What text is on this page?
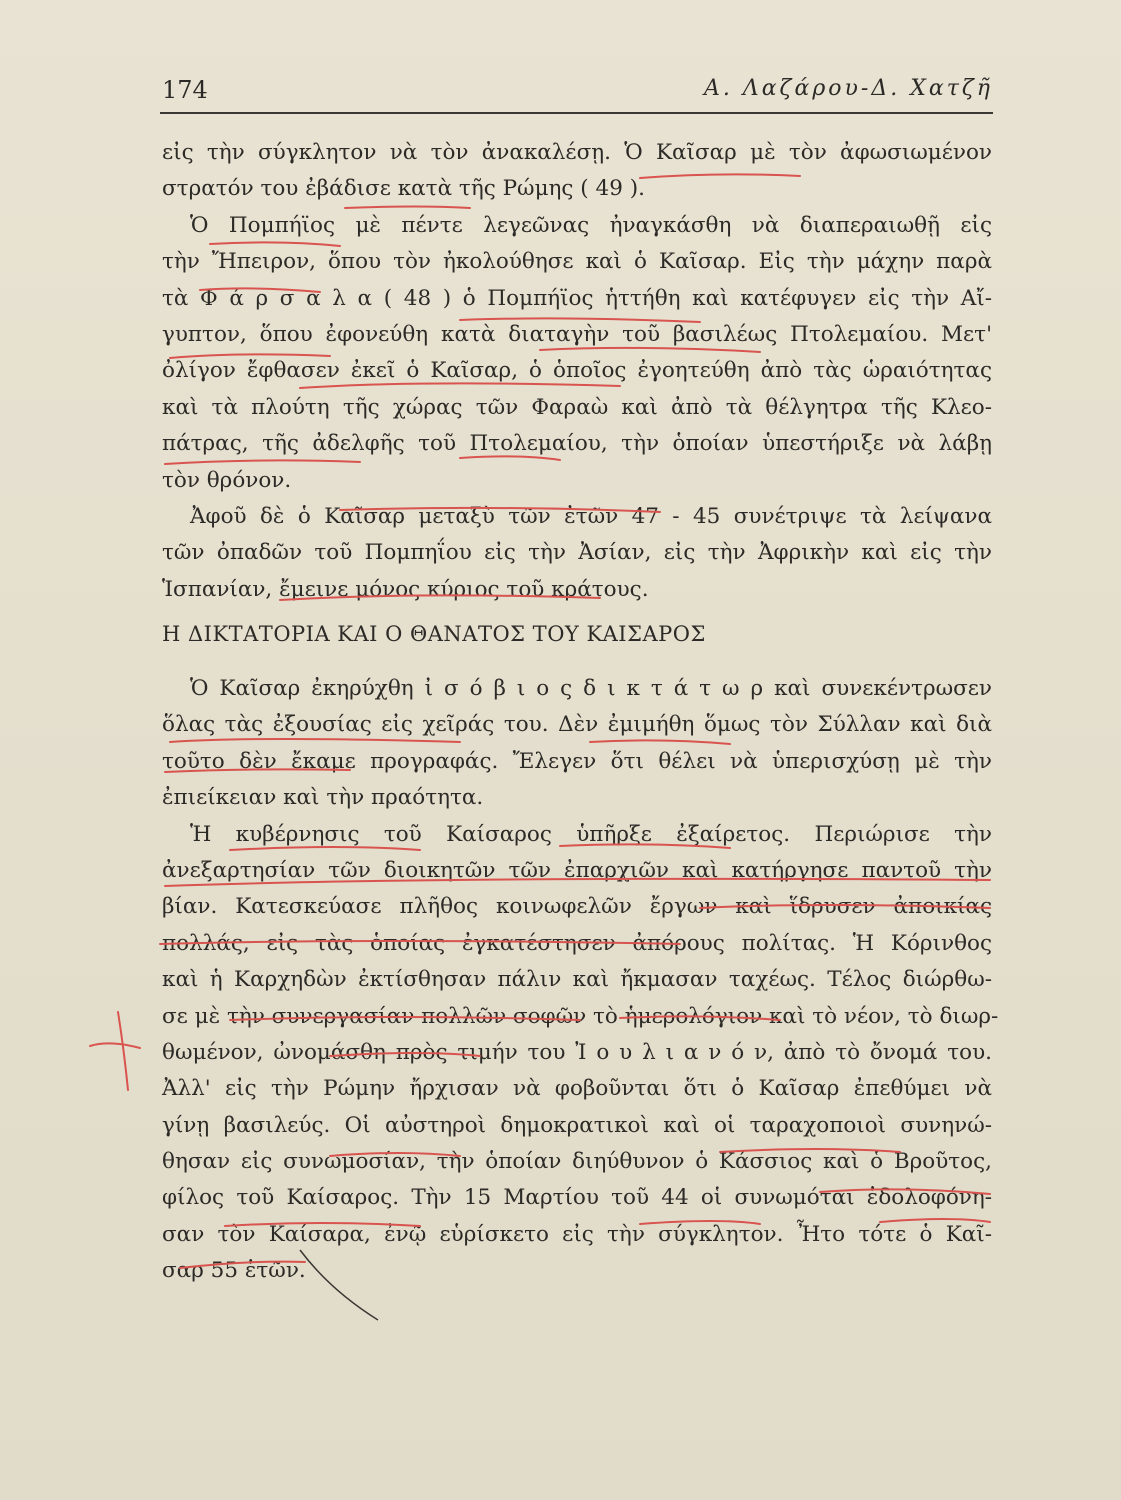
174	Α. Λαζάρου-Δ. Χατζῆ
εἰς τὴν σύγκλητον νὰ τὸν ἀνακαλέσῃ. Ὁ Καῖσαρ μὲ τὸν ἀφωσιωμένον
στρατόν του ἐβάδισε κατὰ τῆς Ρώμης ( 49 ).
Ὁ Πομπήϊος μὲ πέντε λεγεῶνας ἠναγκάσθη νὰ διαπεραιωθῇ εἰς
τὴν Ἤπειρον, ὅπου τὸν ἠκολούθησε καὶ ὁ Καῖσαρ. Εἰς τὴν μάχην παρὰ
τὰ Φ ά ρ σ α λ α ( 48 ) ὁ Πομπήϊος ἡττήθη καὶ κατέφυγεν εἰς τὴν Αἴ-
γυπτον, ὅπου ἐφονεύθη κατὰ διαταγὴν τοῦ βασιλέως Πτολεμαίου. Μετ'
ὀλίγον ἔφθασεν ἐκεῖ ὁ Καῖσαρ, ὁ ὁποῖος ἐγοητεύθη ἀπὸ τὰς ὡραιότητας
καὶ τὰ πλούτη τῆς χώρας τῶν Φαραὼ καὶ ἀπὸ τὰ θέλγητρα τῆς Κλεο-
πάτρας, τῆς ἀδελφῆς τοῦ Πτολεμαίου, τὴν ὁποίαν ὑπεστήριξε νὰ λάβῃ
τὸν θρόνον.
Ἀφοῦ δὲ ὁ Καῖσαρ μεταξὺ τῶν ἐτῶν 47 - 45 συνέτριψε τὰ λείψανα
τῶν ὀπαδῶν τοῦ Πομπηΐου εἰς τὴν Ἀσίαν, εἰς τὴν Ἀφρικὴν καὶ εἰς τὴν
Ἱσπανίαν, ἔμεινε μόνος κύριος τοῦ κράτους.
Η ΔΙΚΤΑΤΟΡΙΑ ΚΑΙ Ο ΘΑΝΑΤΟΣ ΤΟΥ ΚΑΙΣΑΡΟΣ
Ὁ Καῖσαρ ἐκηρύχθη ἰ σ ό β ι ο ς δ ι κ τ ά τ ω ρ καὶ συνεκέντρωσεν
ὅλας τὰς ἐξουσίας εἰς χεῖράς του. Δὲν ἐμιμήθη ὅμως τὸν Σύλλαν καὶ διὰ
τοῦτο δὲν ἔκαμε προγραφάς. Ἔλεγεν ὅτι θέλει νὰ ὑπερισχύσῃ μὲ τὴν
ἐπιείκειαν καὶ τὴν πραότητα.
Ἡ κυβέρνησις τοῦ Καίσαρος ὑπῆρξε ἐξαίρετος. Περιώρισε τὴν
ἀνεξαρτησίαν τῶν διοικητῶν τῶν ἐπαρχιῶν καὶ κατήργησε παντοῦ τὴν
βίαν. Κατεσκεύασε πλῆθος κοινωφελῶν ἔργων καὶ ἵδρυσεν ἀποικίας
πολλάς, εἰς τὰς ὁποίας ἐγκατέστησεν ἀπόρους πολίτας. Ἡ Κόρινθος
καὶ ἡ Καρχηδὼν ἐκτίσθησαν πάλιν καὶ ἤκμασαν ταχέως. Τέλος διώρθω-
σε μὲ τὴν συνεργασίαν πολλῶν σοφῶν τὸ ἡμερολόγιον καὶ τὸ νέον, τὸ διωρ-
θωμένον, ὠνομάσθη πρὸς τιμήν του Ἰ ο υ λ ι α ν ό ν, ἀπὸ τὸ ὄνομά του.
Ἀλλ' εἰς τὴν Ρώμην ἤρχισαν νὰ φοβοῦνται ὅτι ὁ Καῖσαρ ἐπεθύμει νὰ
γίνῃ βασιλεύς. Οἱ αὐστηροὶ δημοκρατικοὶ καὶ οἱ ταραχοποιοὶ συνηνώ-
θησαν εἰς συνωμοσίαν, τὴν ὁποίαν διηύθυνον ὁ Κάσσιος καὶ ὁ Βροῦτος,
φίλος τοῦ Καίσαρος. Τὴν 15 Μαρτίου τοῦ 44 οἱ συνωμόται ἐδολοφόνη-
σαν τὸν Καίσαρα, ἐνῷ εὑρίσκετο εἰς τὴν σύγκλητον. Ἦτο τότε ὁ Καῖ-
σαρ 55 ἐτῶν.
